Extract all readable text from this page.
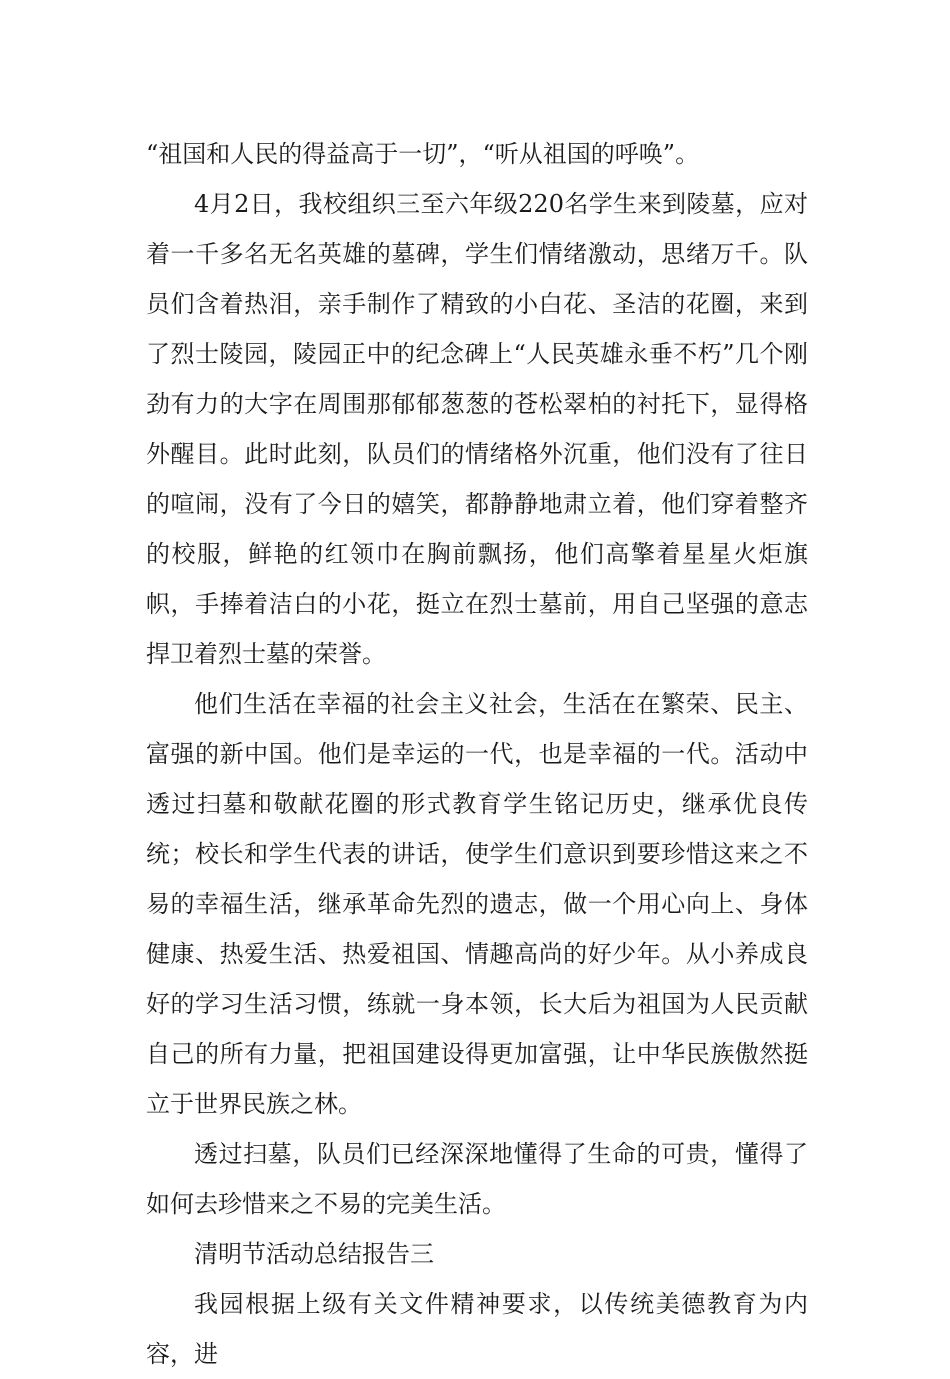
“祖国和人民的得益高于一切”，“听从祖国的呼唤”。

4月2日，我校组织三至六年级220名学生来到陵墓，应对着一千多名无名英雄的墓碑，学生们情绪激动，思绪万千。队员们含着热泪，亲手制作了精致的小白花、圣洁的花圈，来到了烈士陵园，陵园正中的纪念碑上“人民英雄永垂不朽”几个刚劲有力的大字在周围那郁郁葱葱的苍松翠柏的衬托下，显得格外醒目。此时此刻，队员们的情绪格外沉重，他们没有了往日的喧闹，没有了今日的嬉笑，都静静地肃立着，他们穿着整齐的校服，鲜艳的红领巾在胸前飘扬，他们高擎着星星火炬旗帜，手捧着洁白的小花，挺立在烈士墓前，用自己坚强的意志捍卫着烈士墓的荣誉。

他们生活在幸福的社会主义社会，生活在在繁荣、民主、富强的新中国。他们是幸运的一代，也是幸福的一代。活动中透过扫墓和敬献花圈的形式教育学生铭记历史，继承优良传统；校长和学生代表的讲话，使学生们意识到要珍惜这来之不易的幸福生活，继承革命先烈的遗志，做一个用心向上、身体健康、热爱生活、热爱祖国、情趣高尚的好少年。从小养成良好的学习生活习惯，练就一身本领，长大后为祖国为人民贡献自己的所有力量，把祖国建设得更加富强，让中华民族傲然挺立于世界民族之林。

透过扫墓，队员们已经深深地懂得了生命的可贵，懂得了如何去珍惜来之不易的完美生活。

清明节活动总结报告三

我园根据上级有关文件精神要求，以传统美德教育为内容，进
